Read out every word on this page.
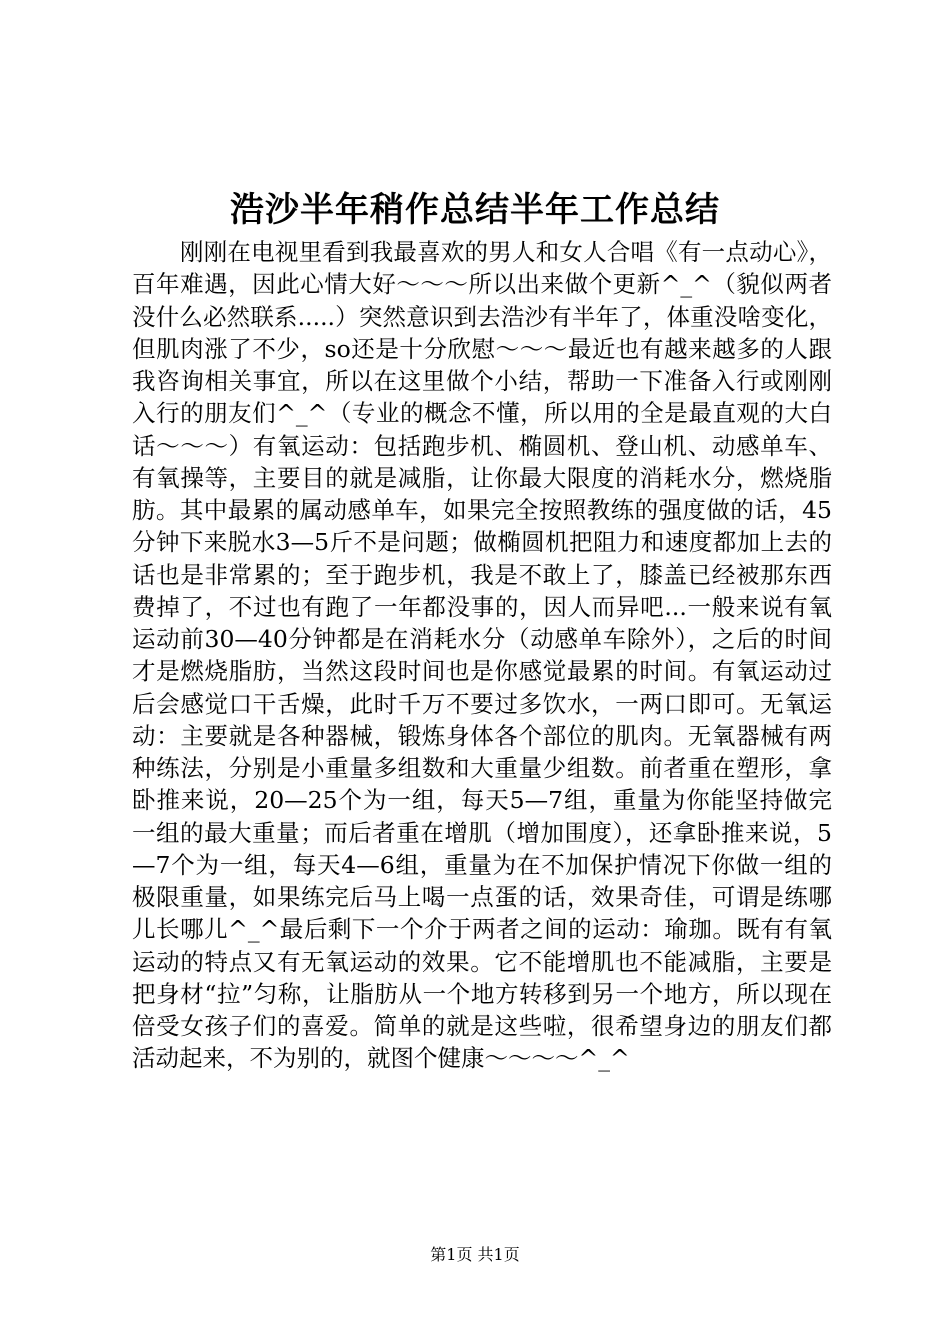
浩沙半年稍作总结半年工作总结

刚刚在电视里看到我最喜欢的男人和女人合唱《有一点动心》，百年难遇，因此心情大好～～～所以出来做个更新^_^（貌似两者没什么必然联系.....）突然意识到去浩沙有半年了，体重没啥变化，但肌肉涨了不少，so还是十分欣慰～～～最近也有越来越多的人跟我咨询相关事宜，所以在这里做个小结，帮助一下准备入行或刚刚入行的朋友们^_^（专业的概念不懂，所以用的全是最直观的大白话～～～）有氧运动：包括跑步机、椭圆机、登山机、动感单车、有氧操等，主要目的就是减脂，让你最大限度的消耗水分，燃烧脂肪。其中最累的属动感单车，如果完全按照教练的强度做的话，45分钟下来脱水3—5斤不是问题；做椭圆机把阻力和速度都加上去的话也是非常累的；至于跑步机，我是不敢上了，膝盖已经被那东西费掉了，不过也有跑了一年都没事的，因人而异吧...一般来说有氧运动前30—40分钟都是在消耗水分（动感单车除外），之后的时间才是燃烧脂肪，当然这段时间也是你感觉最累的时间。有氧运动过后会感觉口干舌燥，此时千万不要过多饮水，一两口即可。无氧运动：主要就是各种器械，锻炼身体各个部位的肌肉。无氧器械有两种练法，分别是小重量多组数和大重量少组数。前者重在塑形，拿卧推来说，20—25个为一组，每天5—7组，重量为你能坚持做完一组的最大重量；而后者重在增肌（增加围度），还拿卧推来说，5—7个为一组，每天4—6组，重量为在不加保护情况下你做一组的极限重量，如果练完后马上喝一点蛋的话，效果奇佳，可谓是练哪儿长哪儿^_^最后剩下一个介于两者之间的运动：瑜珈。既有有氧运动的特点又有无氧运动的效果。它不能增肌也不能减脂，主要是把身材“拉”匀称，让脂肪从一个地方转移到另一个地方，所以现在倍受女孩子们的喜爱。简单的就是这些啦，很希望身边的朋友们都活动起来，不为别的，就图个健康～～～～^_^

第1页 共1页
